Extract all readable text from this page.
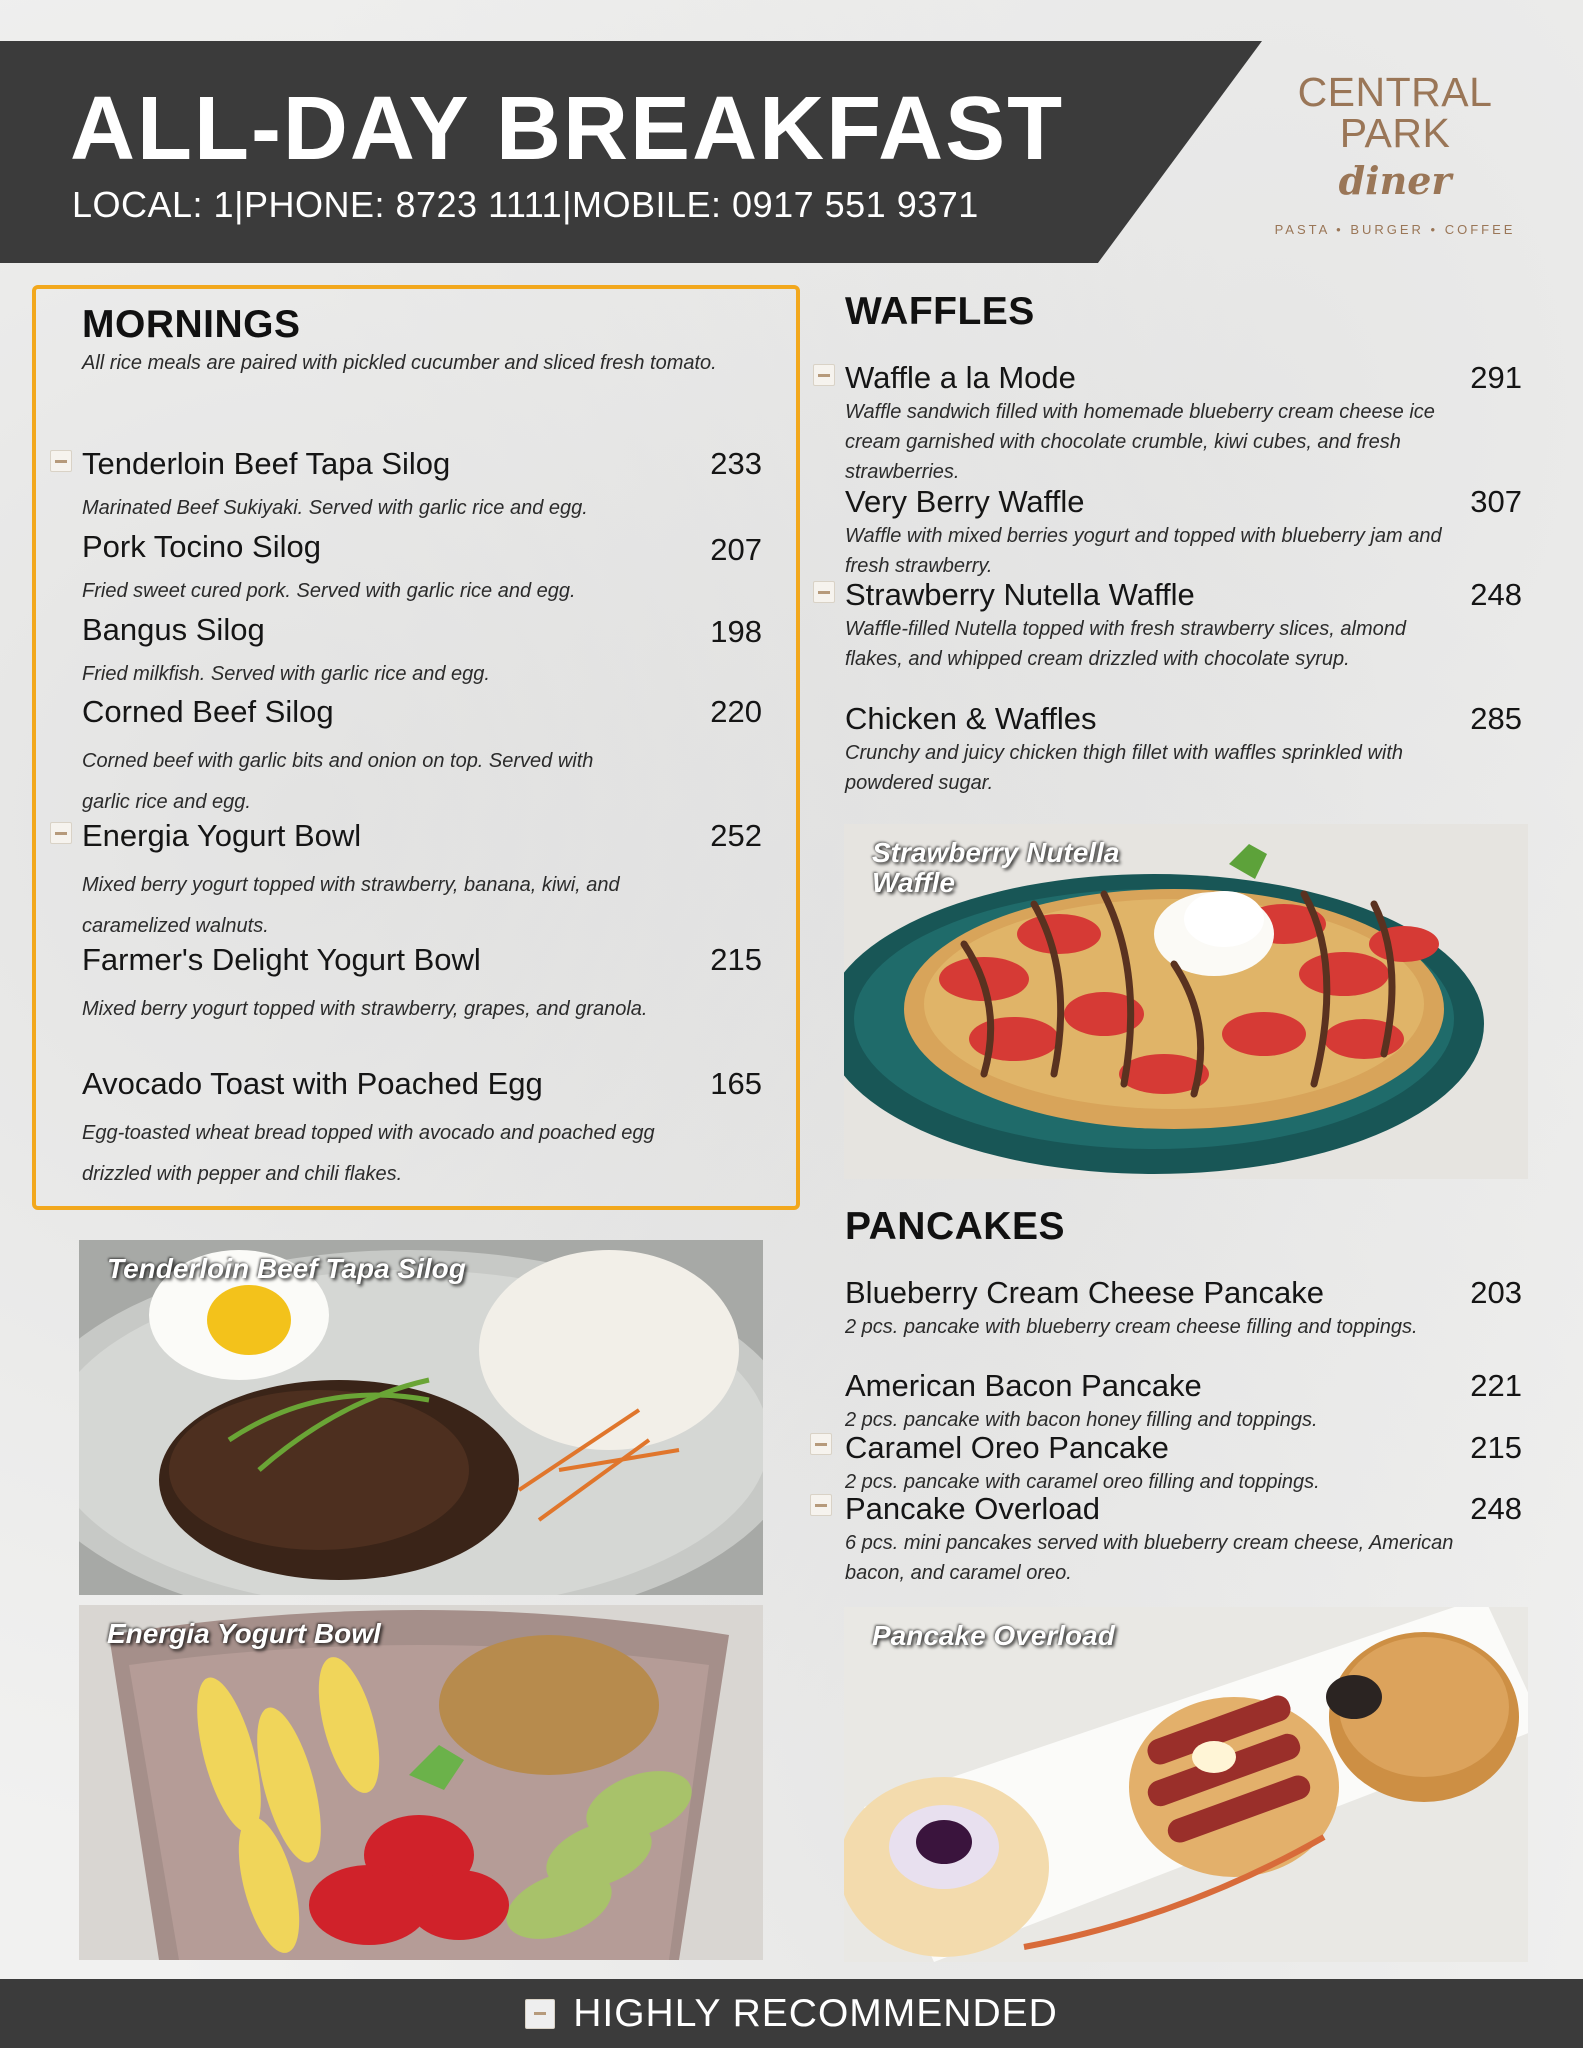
ALL-DAY BREAKFAST
LOCAL: 1|PHONE: 8723 1111|MOBILE: 0917 551 9371
CENTRAL
PARK
diner
PASTA • BURGER • COFFEE
MORNINGS
All rice meals are paired with pickled cucumber and sliced fresh tomato.
Tenderloin Beef Tapa Silog	233
Marinated Beef Sukiyaki. Served with garlic rice and egg.
Pork Tocino Silog	207
Fried sweet cured pork. Served with garlic rice and egg.
Bangus Silog	198
Fried milkfish. Served with garlic rice and egg.
Corned Beef Silog	220
Corned beef with garlic bits and onion on top. Served with garlic rice and egg.
Energia Yogurt Bowl	252
Mixed berry yogurt topped with strawberry, banana, kiwi, and caramelized walnuts.
Farmer's Delight Yogurt Bowl	215
Mixed berry yogurt topped with strawberry, grapes, and granola.
Avocado Toast with Poached Egg	165
Egg-toasted wheat bread topped with avocado and poached egg drizzled with pepper and chili flakes.
WAFFLES
Waffle a la Mode	291
Waffle sandwich filled with homemade blueberry cream cheese ice cream garnished with chocolate crumble, kiwi cubes, and fresh strawberries.
Very Berry Waffle	307
Waffle with mixed berries yogurt and topped with blueberry jam and fresh strawberry.
Strawberry Nutella Waffle	248
Waffle-filled Nutella topped with fresh strawberry slices, almond flakes, and whipped cream drizzled with chocolate syrup.
Chicken & Waffles	285
Crunchy and juicy chicken thigh fillet with waffles sprinkled with powdered sugar.
Strawberry Nutella
Waffle
PANCAKES
Blueberry Cream Cheese Pancake	203
2 pcs. pancake with blueberry cream cheese filling and toppings.
American Bacon Pancake	221
2 pcs. pancake with bacon honey filling and toppings.
Caramel Oreo Pancake	215
2 pcs. pancake with caramel oreo filling and toppings.
Pancake Overload	248
6 pcs. mini pancakes served with blueberry cream cheese, American bacon, and caramel oreo.
Tenderloin Beef Tapa Silog
Energia Yogurt Bowl	Pancake Overload
HIGHLY RECOMMENDED
